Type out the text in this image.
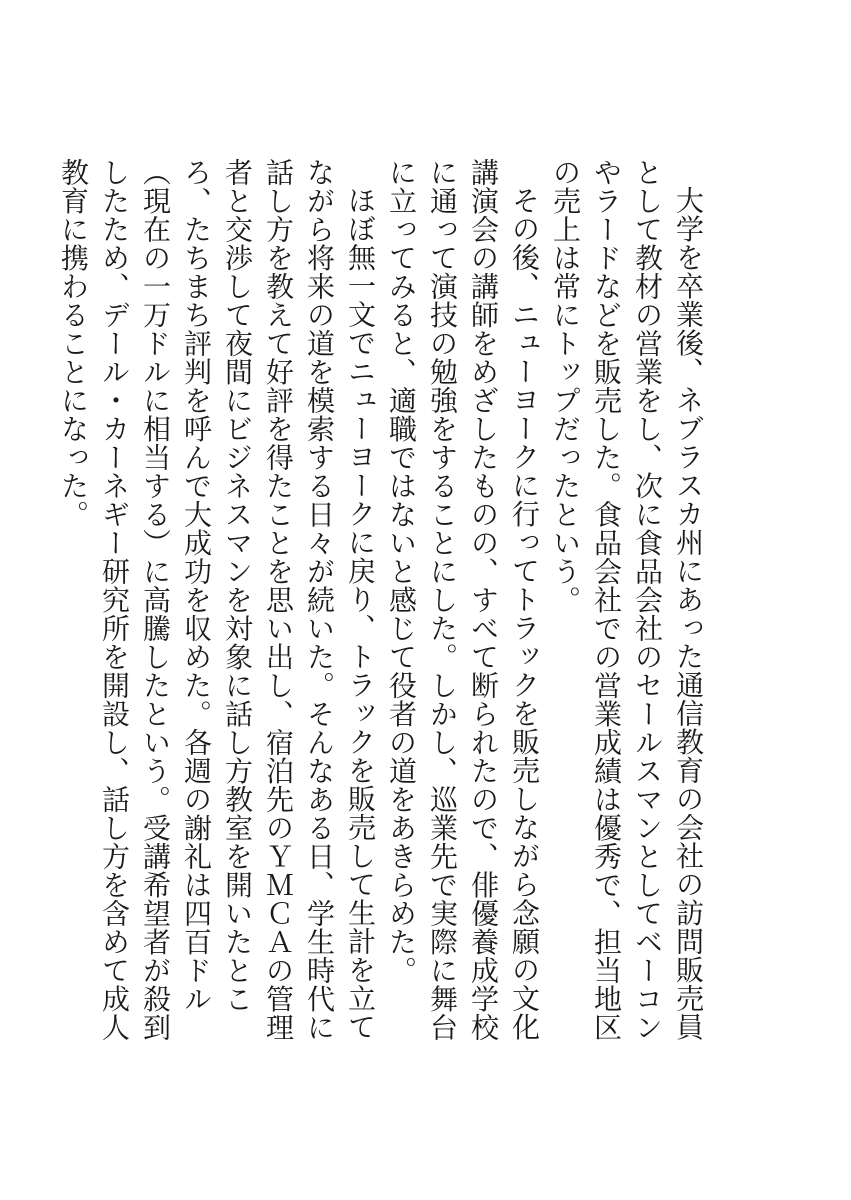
大学を卒業後、ネブラスカ州にあった通信教育の会社の訪問販売員として教材の営業をし、次に食品会社のセールスマンとしてベーコンやラードなどを販売した。食品会社での営業成績は優秀で、担当地区の売上は常にトップだったという。

その後、ニューヨークに行ってトラックを販売しながら念願の文化講演会の講師をめざしたものの、すべて断られたので、俳優養成学校に通って演技の勉強をすることにした。しかし、巡業先で実際に舞台に立ってみると、適職ではないと感じて役者の道をあきらめた。

ほぼ無一文でニューヨークに戻り、トラックを販売して生計を立てながら将来の道を模索する日々が続いた。そんなある日、学生時代に話し方を教えて好評を得たことを思い出し、宿泊先のＹＭＣＡの管理者と交渉して夜間にビジネスマンを対象に話し方教室を開いたところ、たちまち評判を呼んで大成功を収めた。各週の謝礼は四百ドル（現在の一万ドルに相当する）に高騰したという。受講希望者が殺到したため、デール・カーネギー研究所を開設し、話し方を含めて成人教育に携わることになった。
